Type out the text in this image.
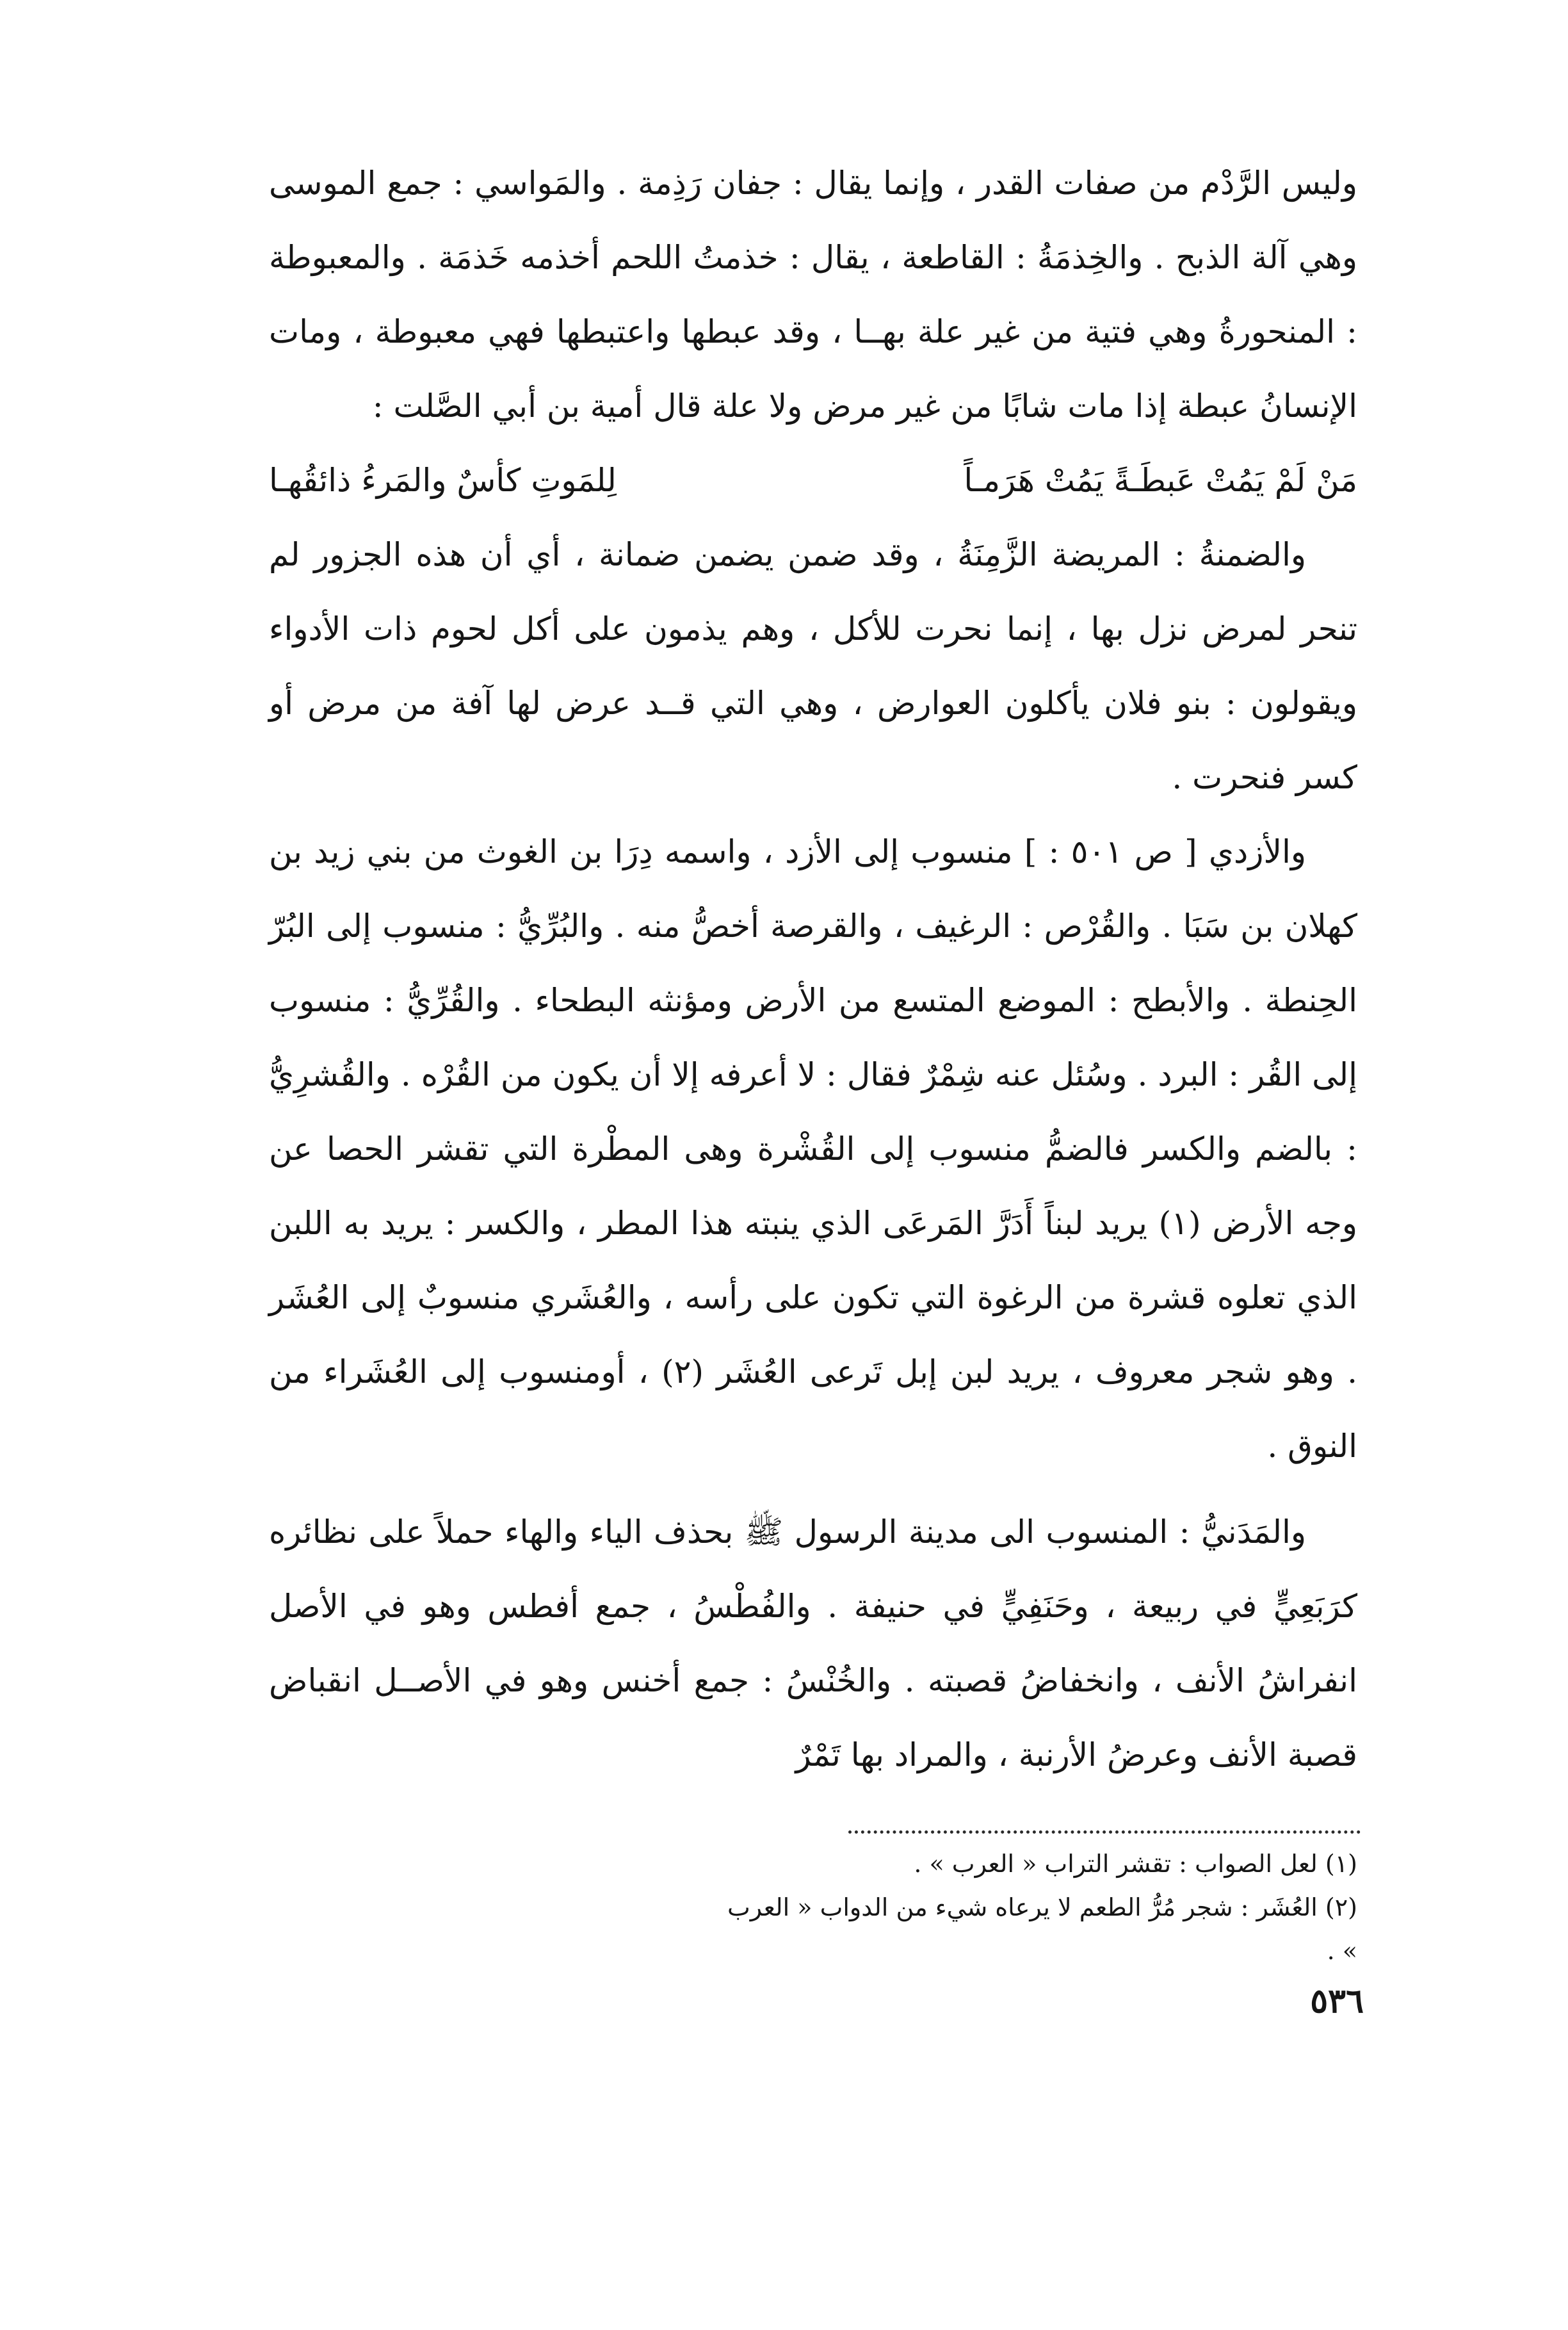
وليس الرَّدْم من صفات القدر ، وإنما يقال : جفان رَذِمة . والمَواسي : جمع الموسى وهي آلة الذبح . والخِذمَةُ : القاطعة ، يقال : خذمتُ اللحم أخذمه خَذمَة . والمعبوطة : المنحورةُ وهي فتية من غير علة بهــا ، وقد عبطها واعتبطها فهي معبوطة ، ومات الإنسانُ عبطة إذا مات شابًا من غير مرض ولا علة قال أمية بن أبي الصَّلت :

مَنْ لَمْ يَمُتْ عَبطَـةً يَمُتْ هَرَمـاً
لِلمَوتِ كأسٌ والمَرءُ ذائقُهـا

والضمنةُ : المريضة الزَّمِنَةُ ، وقد ضمن يضمن ضمانة ، أي أن هذه الجزور لم تنحر لمرض نزل بها ، إنما نحرت للأكل ، وهم يذمون على أكل لحوم ذات الأدواء ويقولون : بنو فلان يأكلون العوارض ، وهي التي قــد عرض لها آفة من مرض أو كسر فنحرت .

والأزدي [ ص ٥٠١ : ] منسوب إلى الأزد ، واسمه دِرَا بن الغوث من بني زيد بن كهلان بن سَبَا . والقُرْص : الرغيف ، والقرصة أخصُّ منه . والبُرِّيُّ : منسوب إلى البُرّ الحِنطة . والأبطح : الموضع المتسع من الأرض ومؤنثه البطحاء . والقُرِّيُّ : منسوب إلى القُر : البرد . وسُئل عنه شِمْرٌ فقال : لا أعرفه إلا أن يكون من القُرْه . والقُشرِيُّ : بالضم والكسر فالضمُّ منسوب إلى القُشْرة وهى المطْرة التي تقشر الحصا عن وجه الأرض (١) يريد لبناً أَدَرَّ المَرعَى الذي ينبته هذا المطر ، والكسر : يريد به اللبن الذي تعلوه قشرة من الرغوة التي تكون على رأسه ، والعُشَري منسوبٌ إلى العُشَر . وهو شجر معروف ، يريد لبن إبل تَرعى العُشَر (٢) ، أومنسوب إلى العُشَراء من النوق .

والمَدَنيُّ : المنسوب الى مدينة الرسول ﷺ بحذف الياء والهاء حملاً على نظائره كرَبَعِيٍّ في ربيعة ، وحَنَفِيٍّ في حنيفة . والفُطْسُ ، جمع أفطس وهو في الأصل انفراشُ الأنف ، وانخفاضُ قصبته . والخُنْسُ : جمع أخنس وهو في الأصــل انقباض قصبة الأنف وعرضُ الأرنبة ، والمراد بها تَمْرٌ

(١) لعل الصواب : تقشر التراب « العرب » .

(٢) العُشَر : شجر مُرُّ الطعم لا يرعاه شيء من الدواب « العرب » .

٥٣٦
